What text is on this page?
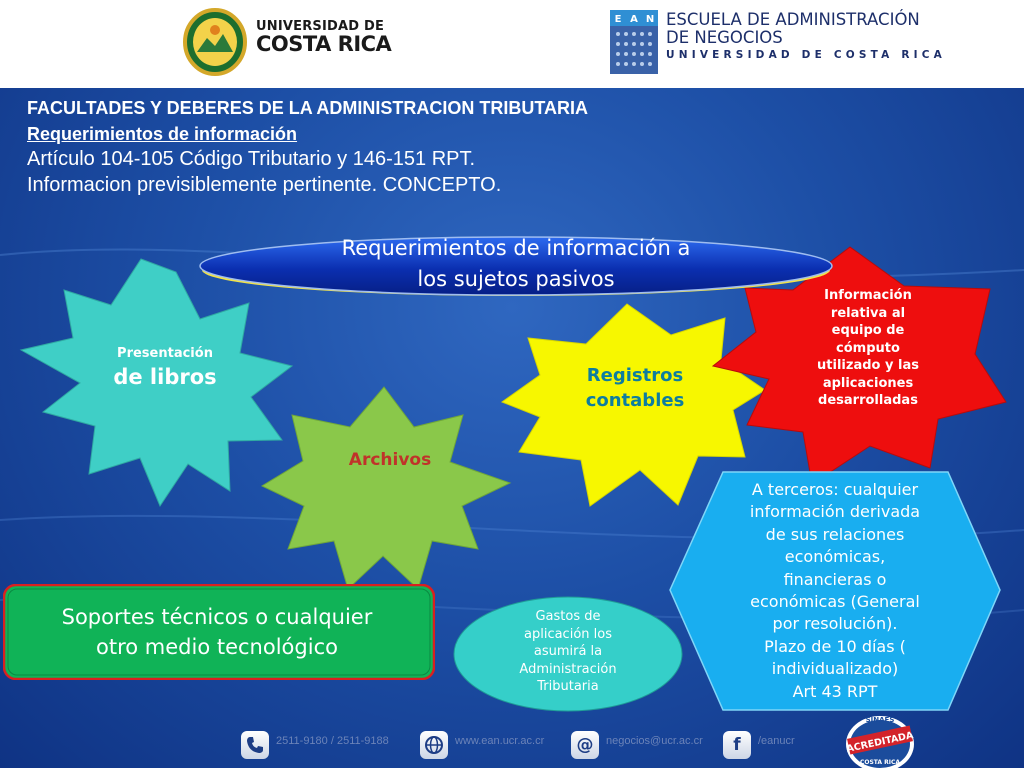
UNIVERSIDAD DE
COSTA RICA
E A N ESCUELA DE ADMINISTRACIÓN
DE NEGOCIOS
UNIVERSIDAD DE COSTA RICA
FACULTADES Y DEBERES DE LA ADMINISTRACION TRIBUTARIA
Requerimientos de información
Artículo 104-105 Código Tributario y 146-151 RPT.
Informacion previsiblemente pertinente. CONCEPTO.
Presentación
de libros
Archivos
Registros
contables
Información
relativa al
equipo de
cómputo
utilizado y las
aplicaciones
desarrolladas
Requerimientos de información a
los sujetos pasivos
A terceros: cualquier
información derivada
de sus relaciones
económicas,
financieras o
económicas (General
por resolución).
Plazo de 10 días (
individualizado)
Art 43 RPT
Soportes técnicos o cualquier
otro medio tecnológico
Gastos de
aplicación los
asumirá la
Administración
Tributaria
2511-9180 / 2511-9188	www.ean.ucr.ac.cr	@	negocios@ucr.ac.cr	f	/eanucr
SINAES
COSTA RICA
ACREDITADA
